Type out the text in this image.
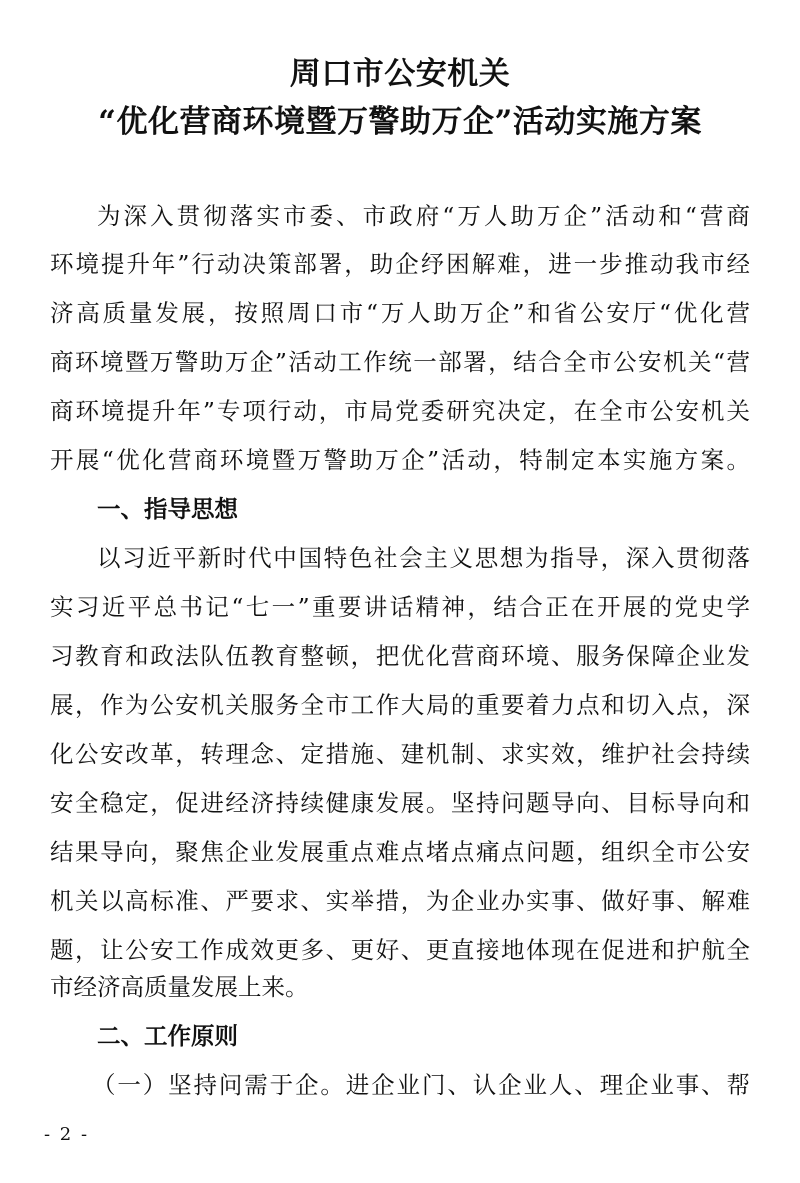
周口市公安机关
“优化营商环境暨万警助万企”活动实施方案
为深入贯彻落实市委、市政府“万人助万企”活动和“营商
环境提升年”行动决策部署，助企纾困解难，进一步推动我市经
济高质量发展，按照周口市“万人助万企”和省公安厅“优化营
商环境暨万警助万企”活动工作统一部署，结合全市公安机关“营
商环境提升年”专项行动，市局党委研究决定，在全市公安机关
开展“优化营商环境暨万警助万企”活动，特制定本实施方案。
一、指导思想
以习近平新时代中国特色社会主义思想为指导，深入贯彻落
实习近平总书记“七一”重要讲话精神，结合正在开展的党史学
习教育和政法队伍教育整顿，把优化营商环境、服务保障企业发
展，作为公安机关服务全市工作大局的重要着力点和切入点，深
化公安改革，转理念、定措施、建机制、求实效，维护社会持续
安全稳定，促进经济持续健康发展。坚持问题导向、目标导向和
结果导向，聚焦企业发展重点难点堵点痛点问题，组织全市公安
机关以高标准、严要求、实举措，为企业办实事、做好事、解难
题，让公安工作成效更多、更好、更直接地体现在促进和护航全
市经济高质量发展上来。
二、工作原则
（一）坚持问需于企。进企业门、认企业人、理企业事、帮
- 2 -
